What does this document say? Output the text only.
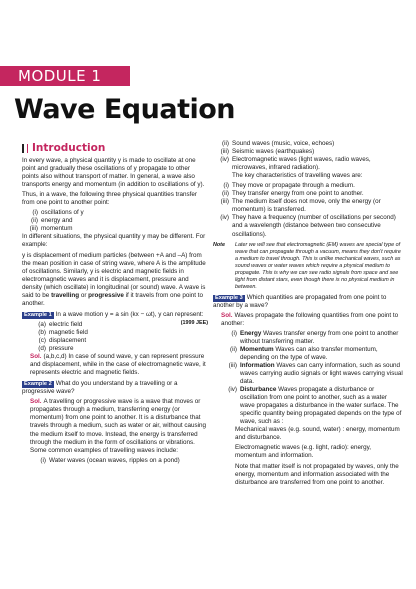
MODULE 1
Wave Equation
Introduction

In every wave, a physical quantity y is made to oscillate at one point and gradually these oscillations of y propagate to other points also without transport of matter. In general, a wave also transports energy and momentum (in addition to oscillations of y).

Thus, in a wave, the following three physical quantities transfer from one point to another point:

(i) oscillations of y
(ii) energy and
(iii) momentum

In different situations, the physical quantity y may be different. For example:

y is displacement of medium particles (between +A and –A) from the mean position in case of string wave, where A is the amplitude of oscillations. Similarly, y is electric and magnetic fields in electromagnetic waves and it is displacement, pressure and density (which oscillate) in longitudinal (or sound) wave. A wave is said to be travelling or progressive if it travels from one point to another.

Example 1 In a wave motion y = a sin (kx − ωt), y can represent:
(1999 JEE)

(a) electric field
(b) magnetic field
(c) displacement
(d) pressure

Sol. (a,b,c,d) In case of sound wave, y can represent pressure and displacement, while in the case of electromagnetic wave, it represents electric and magnetic fields.

Example 2 What do you understand by a travelling or a progressive wave?

Sol. A travelling or progressive wave is a wave that moves or propagates through a medium, transferring energy (or momentum) from one point to another. It is a disturbance that travels through a medium, such as water or air, without causing the medium itself to move. Instead, the energy is transferred through the medium in the form of oscillations or vibrations. Some common examples of travelling waves include:

(i) Water waves (ocean waves, ripples on a pond)
(ii) Sound waves (music, voice, echoes)
(iii) Seismic waves (earthquakes)
(iv) Electromagnetic waves (light waves, radio waves, microwaves, infrared radiation).

The key characteristics of travelling waves are:

(i) They move or propagate through a medium.
(ii) They transfer energy from one point to another.
(iii) The medium itself does not move, only the energy (or momentum) is transferred.
(iv) They have a frequency (number of oscillations per second) and a wavelength (distance between two consecutive oscillations).
Note	Later we will see that electromagnetic (EM) waves are special type of wave that can propagate through a vacuum, means they don't require a medium to travel through. This is unlike mechanical waves, such as sound waves or water waves which require a physical medium to propagate. This is why we can see radio signals from space and see light from distant stars, even though there is no physical medium in between.

Example 3 Which quantities are propagated from one point to another by a wave?

Sol. Waves propagate the following quantities from one point to another:

(i) Energy Waves transfer energy from one point to another without transferring matter.
(ii) Momentum Waves can also transfer momentum, depending on the type of wave.
(iii) Information Waves can carry information, such as sound waves carrying audio signals or light waves carrying visual data.
(iv) Disturbance Waves propagate a disturbance or oscillation from one point to another, such as a water wave propagates a disturbance in the water surface. The specific quantity being propagated depends on the type of wave, such as :

Mechanical waves (e.g. sound, water) : energy, momentum and disturbance.

Electromagnetic waves (e.g. light, radio): energy, momentum and information.

Note that matter itself is not propagated by waves, only the energy, momentum and information associated with the disturbance are transferred from one point to another.
